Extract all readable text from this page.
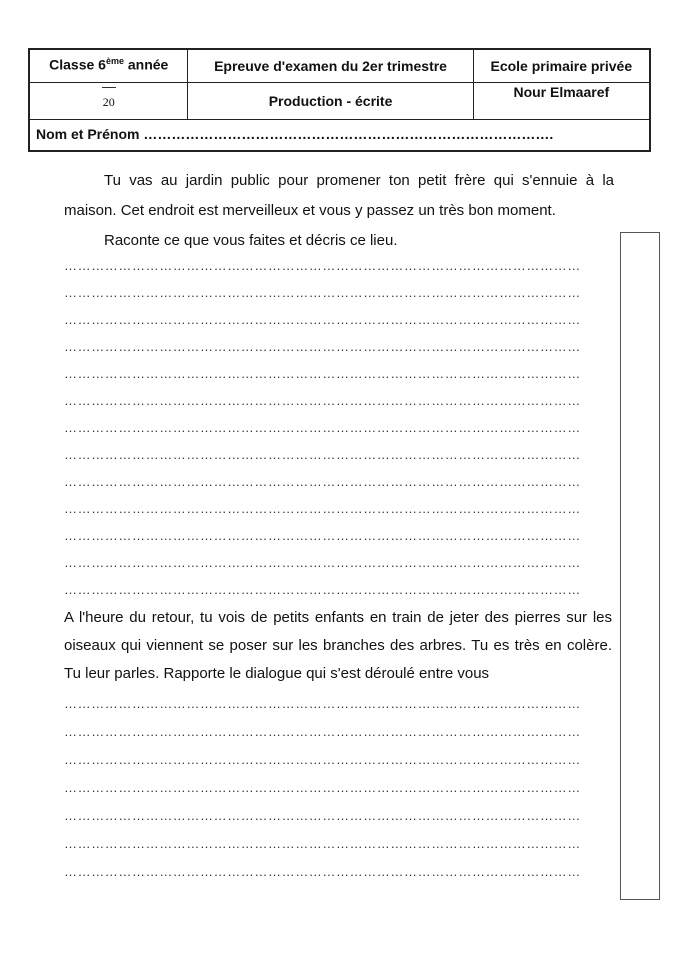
Classe 6ème année	Epreuve d'examen du 2er trimestre	Ecole primaire privée

20	Production - écrite	Nour Elmaaref

Nom et Prénom …………………………………………………………………………….		
Tu vas au jardin public pour promener ton petit frère qui s'ennuie à la maison. Cet endroit est merveilleux et vous y passez un très bon moment.
Raconte ce que vous faites et décris ce lieu.
……………………………………………………………………………………………………
……………………………………………………………………………………………………
……………………………………………………………………………………………………
……………………………………………………………………………………………………
……………………………………………………………………………………………………
……………………………………………………………………………………………………
……………………………………………………………………………………………………
……………………………………………………………………………………………………
……………………………………………………………………………………………………
……………………………………………………………………………………………………
……………………………………………………………………………………………………
……………………………………………………………………………………………………
……………………………………………………………………………………………………
A l'heure du retour, tu vois de petits enfants en train de jeter des pierres sur les oiseaux qui viennent se poser sur les branches des arbres. Tu es très en colère. Tu leur parles. Rapporte le dialogue qui s'est déroulé entre vous
……………………………………………………………………………………………………
……………………………………………………………………………………………………
……………………………………………………………………………………………………
……………………………………………………………………………………………………
……………………………………………………………………………………………………
……………………………………………………………………………………………………
……………………………………………………………………………………………………
